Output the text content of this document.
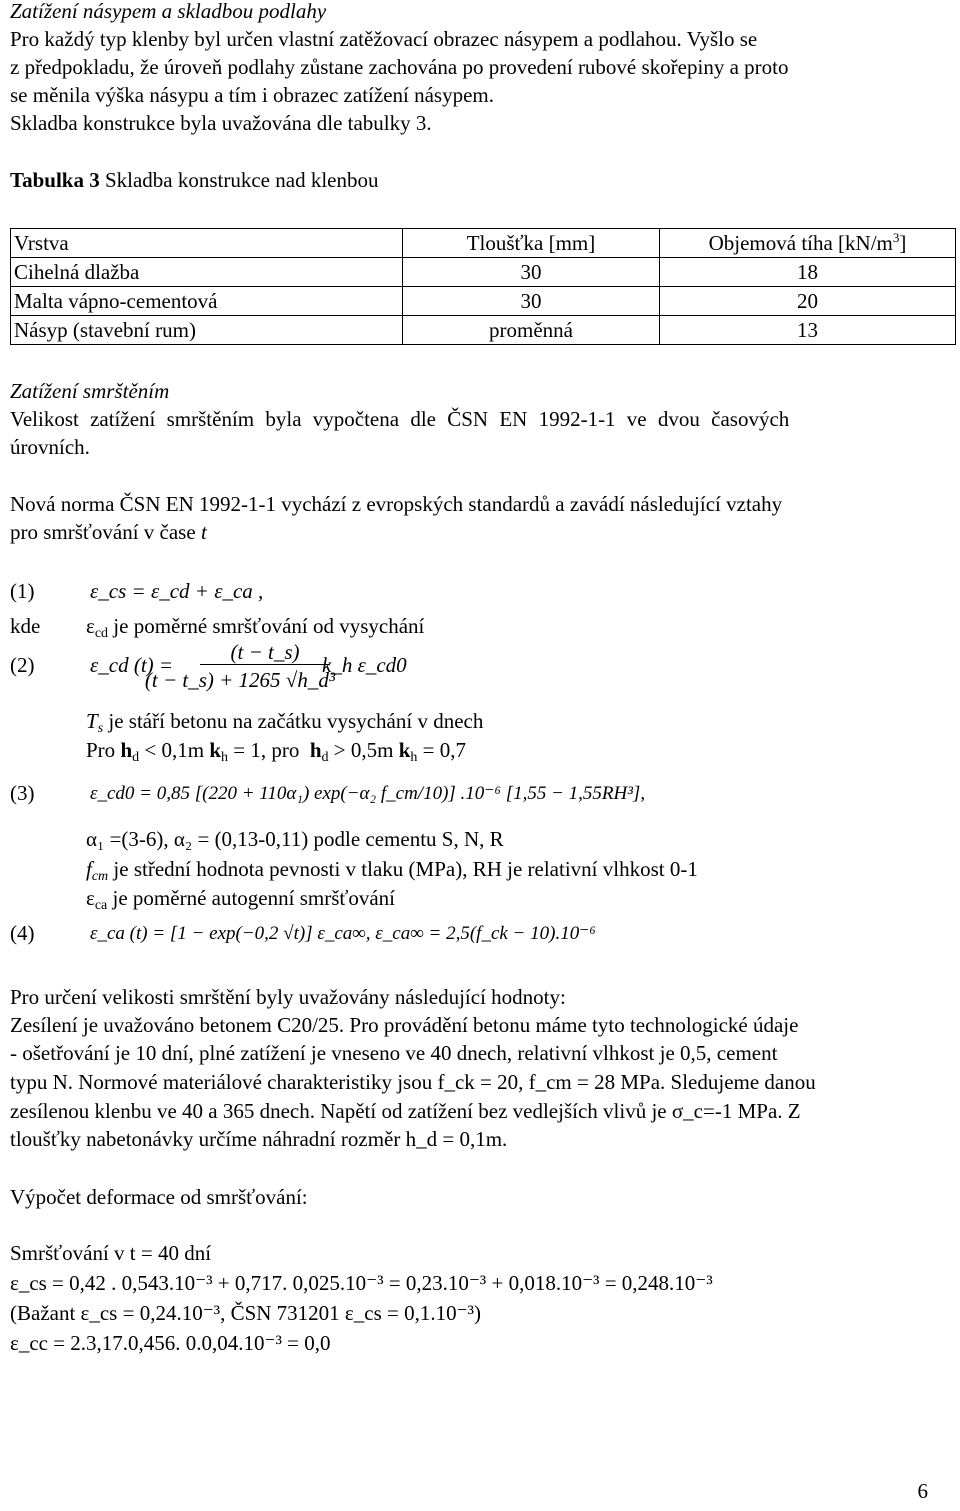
Zatížení násypem a skladbou podlahy
Pro každý typ klenby byl určen vlastní zatěžovací obrazec násypem a podlahou. Vyšlo se
z předpokladu, že úroveň podlahy zůstane zachována po provedení rubové skořepiny a proto
se měnila výška násypu a tím i obrazec zatížení násypem.
Skladba konstrukce byla uvažována dle tabulky 3.
Tabulka 3 Skladba konstrukce nad klenbou
Vrstva	Tloušťka [mm]	Objemová tíha $[kN/m^3]$
Cihelná dlažba	30	18
Malta vápno-cementová	30	20
Násyp (stavební rum)	proměnná	13
Zatížení smrštěním
Velikost zatížení smrštěním byla vypočtena dle ČSN EN 1992-1-1 ve dvou časových
úrovních.
Nová norma ČSN EN 1992-1-1 vychází z evropských standardů a zavádí následující vztahy
pro smršťování v čase t
ε_cs = ε_cd + ε_ca ,
(1)
kde $\varepsilon_{cd}$ je poměrné smršťování od vysychání
ε_cd (t) =
(t − t_s)
(t − t_s) + 1265 √h_d³
k_h ε_cd0
(2)
$T_s$ je stáří betonu na začátku vysychání v dnech
Pro $h_d < 0,1m$ $k_h = 1$, pro $h_d > 0,5m$ $k_h = 0,7$
ε_cd0 = 0,85 [(220 + 110α₁) exp(−α₂ f_cm/10)] .10⁻⁶ [1,55 − 1,55RH³],
(3)
α₁ =(3-6), α₂ = (0,13-0,11) podle cementu S, N, R
$f_{cm}$ je střední hodnota pevnosti v tlaku (MPa), RH je relativní vlhkost 0-1
$\varepsilon_{ca}$ je poměrné autogenní smršťování
ε_ca (t) = [1 − exp(−0,2 √t)] ε_ca∞, ε_ca∞ = 2,5(f_ck − 10).10⁻⁶
(4)
Pro určení velikosti smrštění byly uvažovány následující hodnoty:
Zesílení je uvažováno betonem C20/25. Pro provádění betonu máme tyto technologické údaje
- ošetřování je 10 dní, plné zatížení je vneseno ve 40 dnech, relativní vlhkost je 0,5, cement
typu N. Normové materiálové charakteristiky jsou f_ck = 20, f_cm = 28 MPa. Sledujeme danou
zesílenou klenbu ve 40 a 365 dnech. Napětí od zatížení bez vedlejších vlivů je σ_c=-1 MPa. Z
tloušťky nabetonávky určíme náhradní rozměr h_d = 0,1m.
Výpočet deformace od smršťování:
Smršťování v t = 40 dní
ε_cs = 0,42 . 0,543.10⁻³ + 0,717. 0,025.10⁻³ = 0,23.10⁻³ + 0,018.10⁻³ = 0,248.10⁻³
(Bažant ε_cs = 0,24.10⁻³, ČSN 731201 ε_cs = 0,1.10⁻³)
ε_cc = 2.3,17.0,456. 0.0,04.10⁻³ = 0,0
6
